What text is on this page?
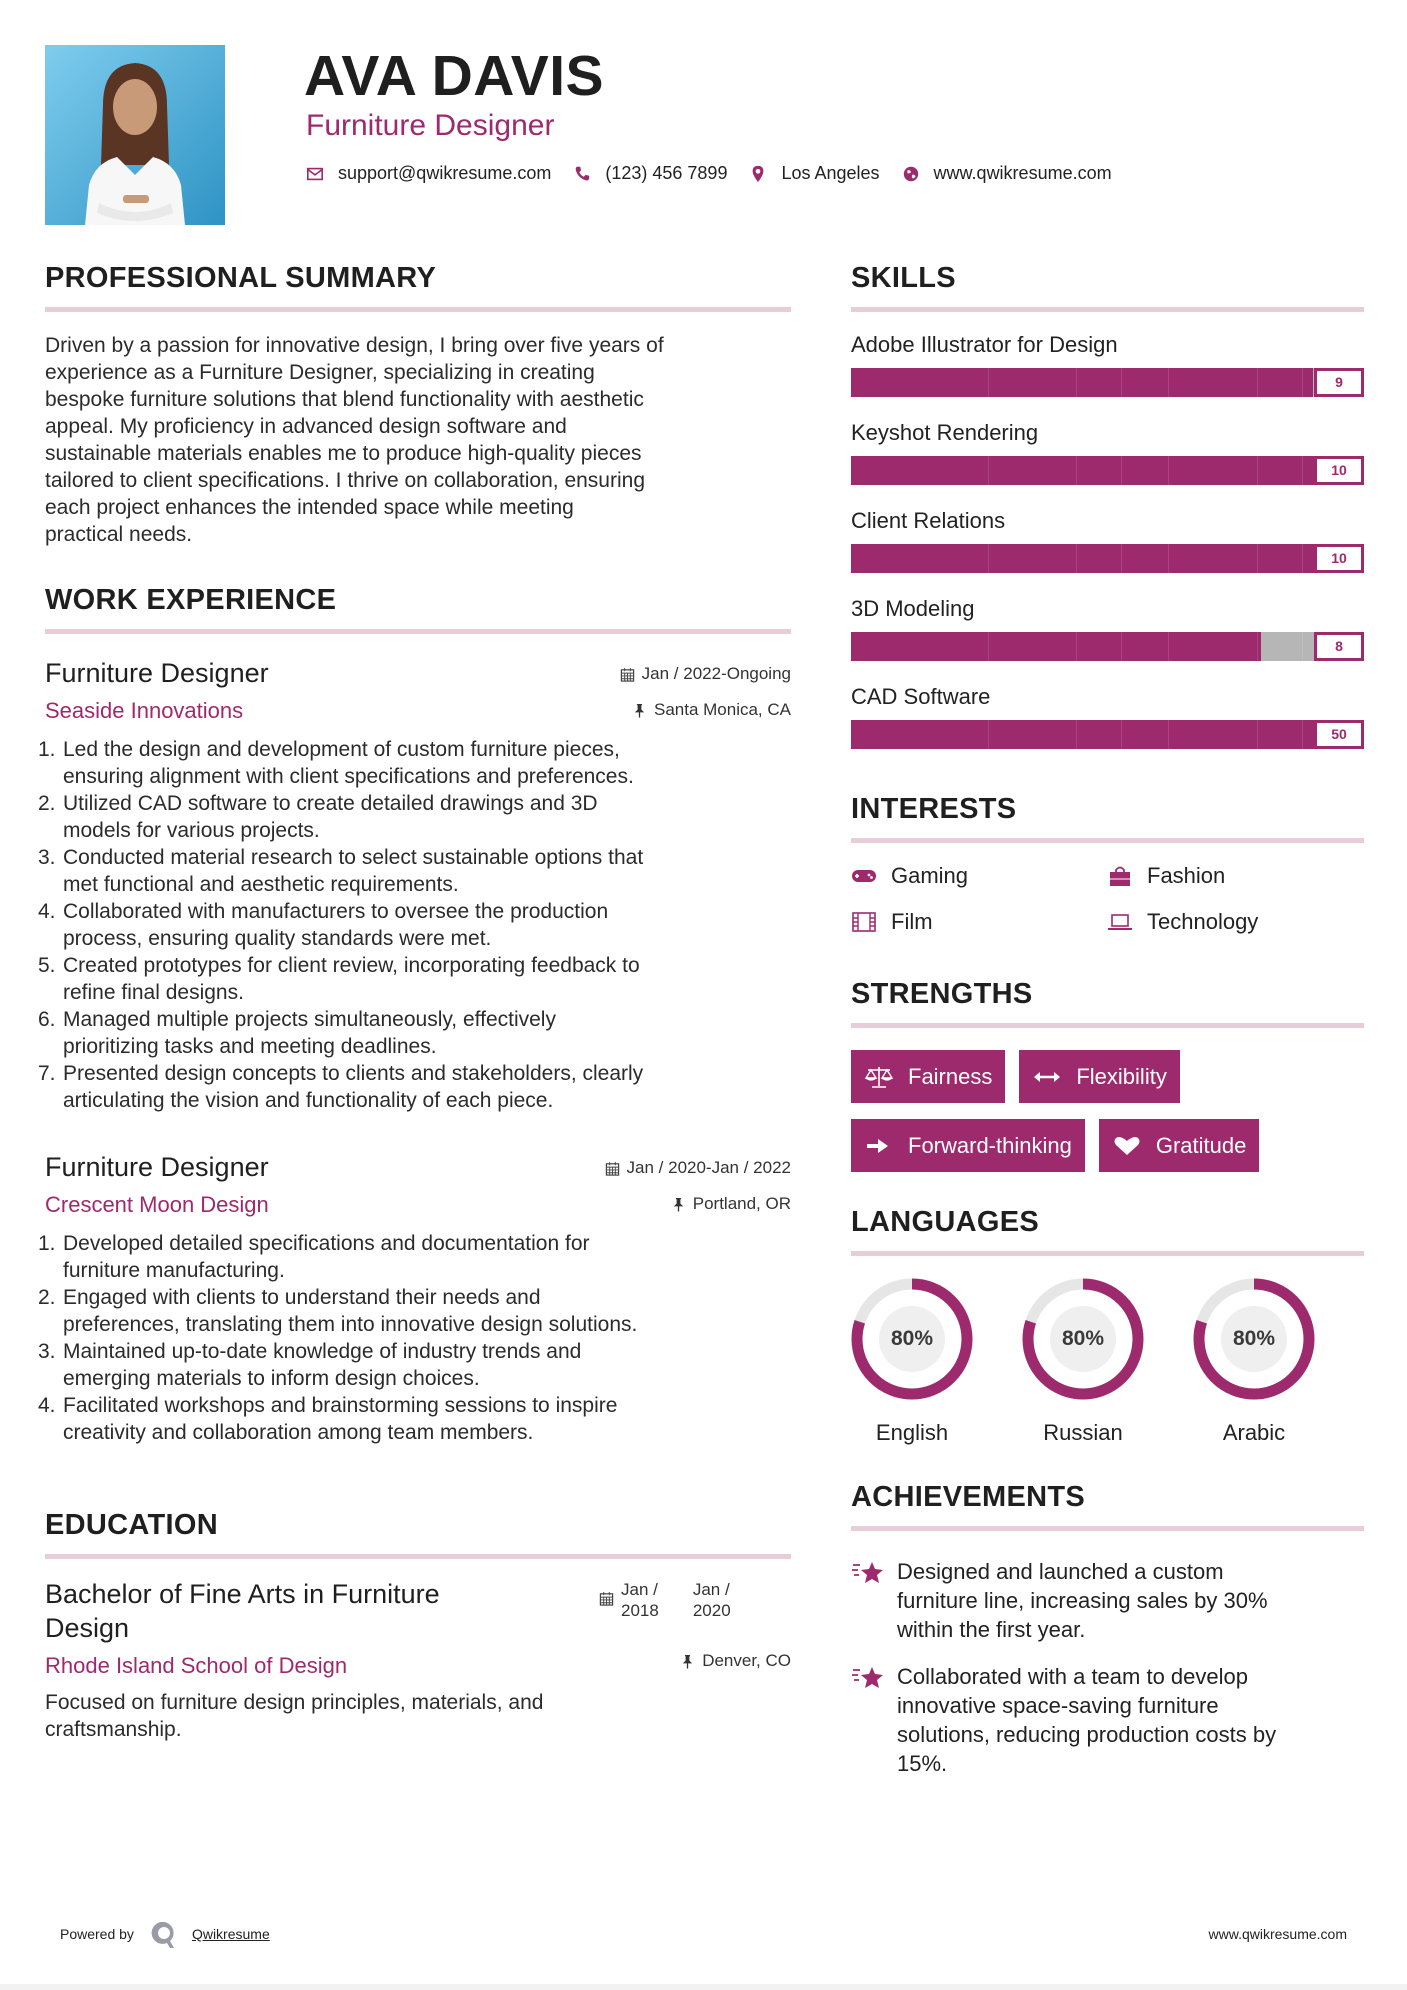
AVA DAVIS
Furniture Designer
support@qwikresume.com	(123) 456 7899	Los Angeles	www.qwikresume.com
PROFESSIONAL SUMMARY
Driven by a passion for innovative design, I bring over five years of
experience as a Furniture Designer, specializing in creating
bespoke furniture solutions that blend functionality with aesthetic
appeal. My proficiency in advanced design software and
sustainable materials enables me to produce high-quality pieces
tailored to client specifications. I thrive on collaboration, ensuring
each project enhances the intended space while meeting
practical needs.
WORK EXPERIENCE
Jan / 2022-Ongoing
Santa Monica, CA
Furniture Designer
Seaside Innovations
1. Led the design and development of custom furniture pieces,
ensuring alignment with client specifications and preferences.
2. Utilized CAD software to create detailed drawings and 3D
models for various projects.
3. Conducted material research to select sustainable options that
met functional and aesthetic requirements.
4. Collaborated with manufacturers to oversee the production
process, ensuring quality standards were met.
5. Created prototypes for client review, incorporating feedback to
refine final designs.
6. Managed multiple projects simultaneously, effectively
prioritizing tasks and meeting deadlines.
7. Presented design concepts to clients and stakeholders, clearly
articulating the vision and functionality of each piece.
Jan / 2020-Jan / 2022
Portland, OR
Furniture Designer
Crescent Moon Design
1. Developed detailed specifications and documentation for
furniture manufacturing.
2. Engaged with clients to understand their needs and
preferences, translating them into innovative design solutions.
3. Maintained up-to-date knowledge of industry trends and
emerging materials to inform design choices.
4. Facilitated workshops and brainstorming sessions to inspire
creativity and collaboration among team members.
EDUCATION
Jan /
2018
Jan /
2020
Denver, CO
Bachelor of Fine Arts in Furniture
Design
Rhode Island School of Design
Focused on furniture design principles, materials, and
craftsmanship.
SKILLS
Adobe Illustrator for Design
9
Keyshot Rendering
10
Client Relations
10
3D Modeling
8
CAD Software
50
INTERESTS
Gaming	Fashion
Film	Technology
STRENGTHS
Fairness	Flexibility
Forward-thinking	Gratitude
LANGUAGES
80%
English
80%
Russian
80%
Arabic
ACHIEVEMENTS
Designed and launched a custom
furniture line, increasing sales by 30%
within the first year.
Collaborated with a team to develop
innovative space-saving furniture
solutions, reducing production costs by
15%.
Powered by	Qwikresume	www.qwikresume.com
